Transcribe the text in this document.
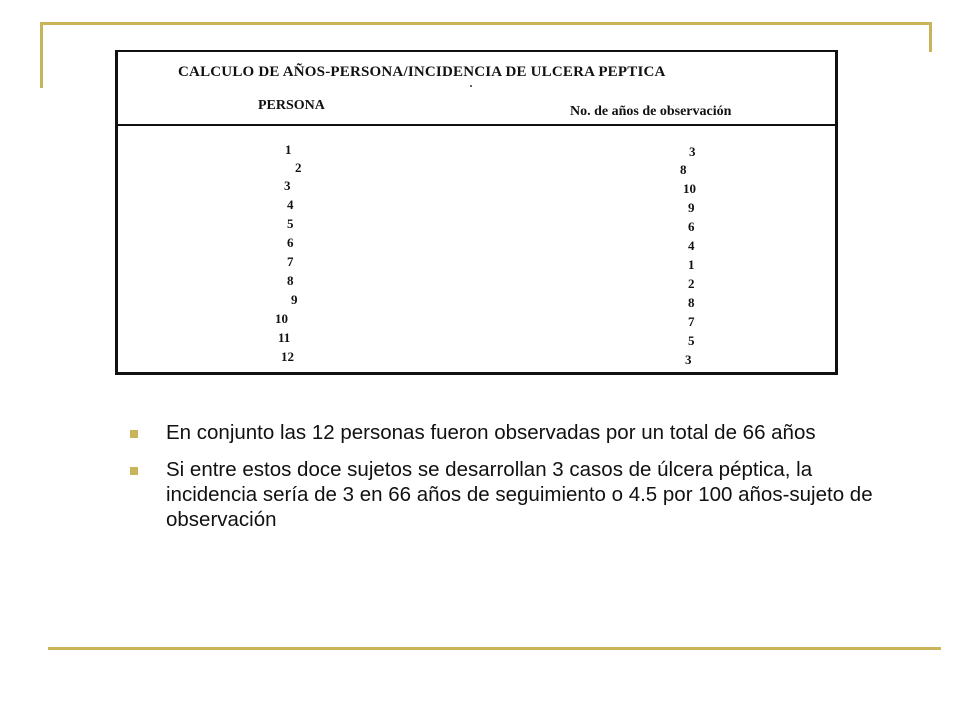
CALCULO DE AÑOS-PERSONA/INCIDENCIA DE ULCERA PEPTICA
PERSONA	No. de años de observación
1
2
3
4
5
6
7
8
9
10
11
12
3
8
10
9
6
4
1
2
8
7
5
3
En conjunto las 12 personas fueron observadas por un total de 66 años
Si entre estos doce sujetos se desarrollan 3 casos de úlcera péptica, la incidencia sería de 3 en 66 años de seguimiento o 4.5 por 100 años-sujeto de observación
